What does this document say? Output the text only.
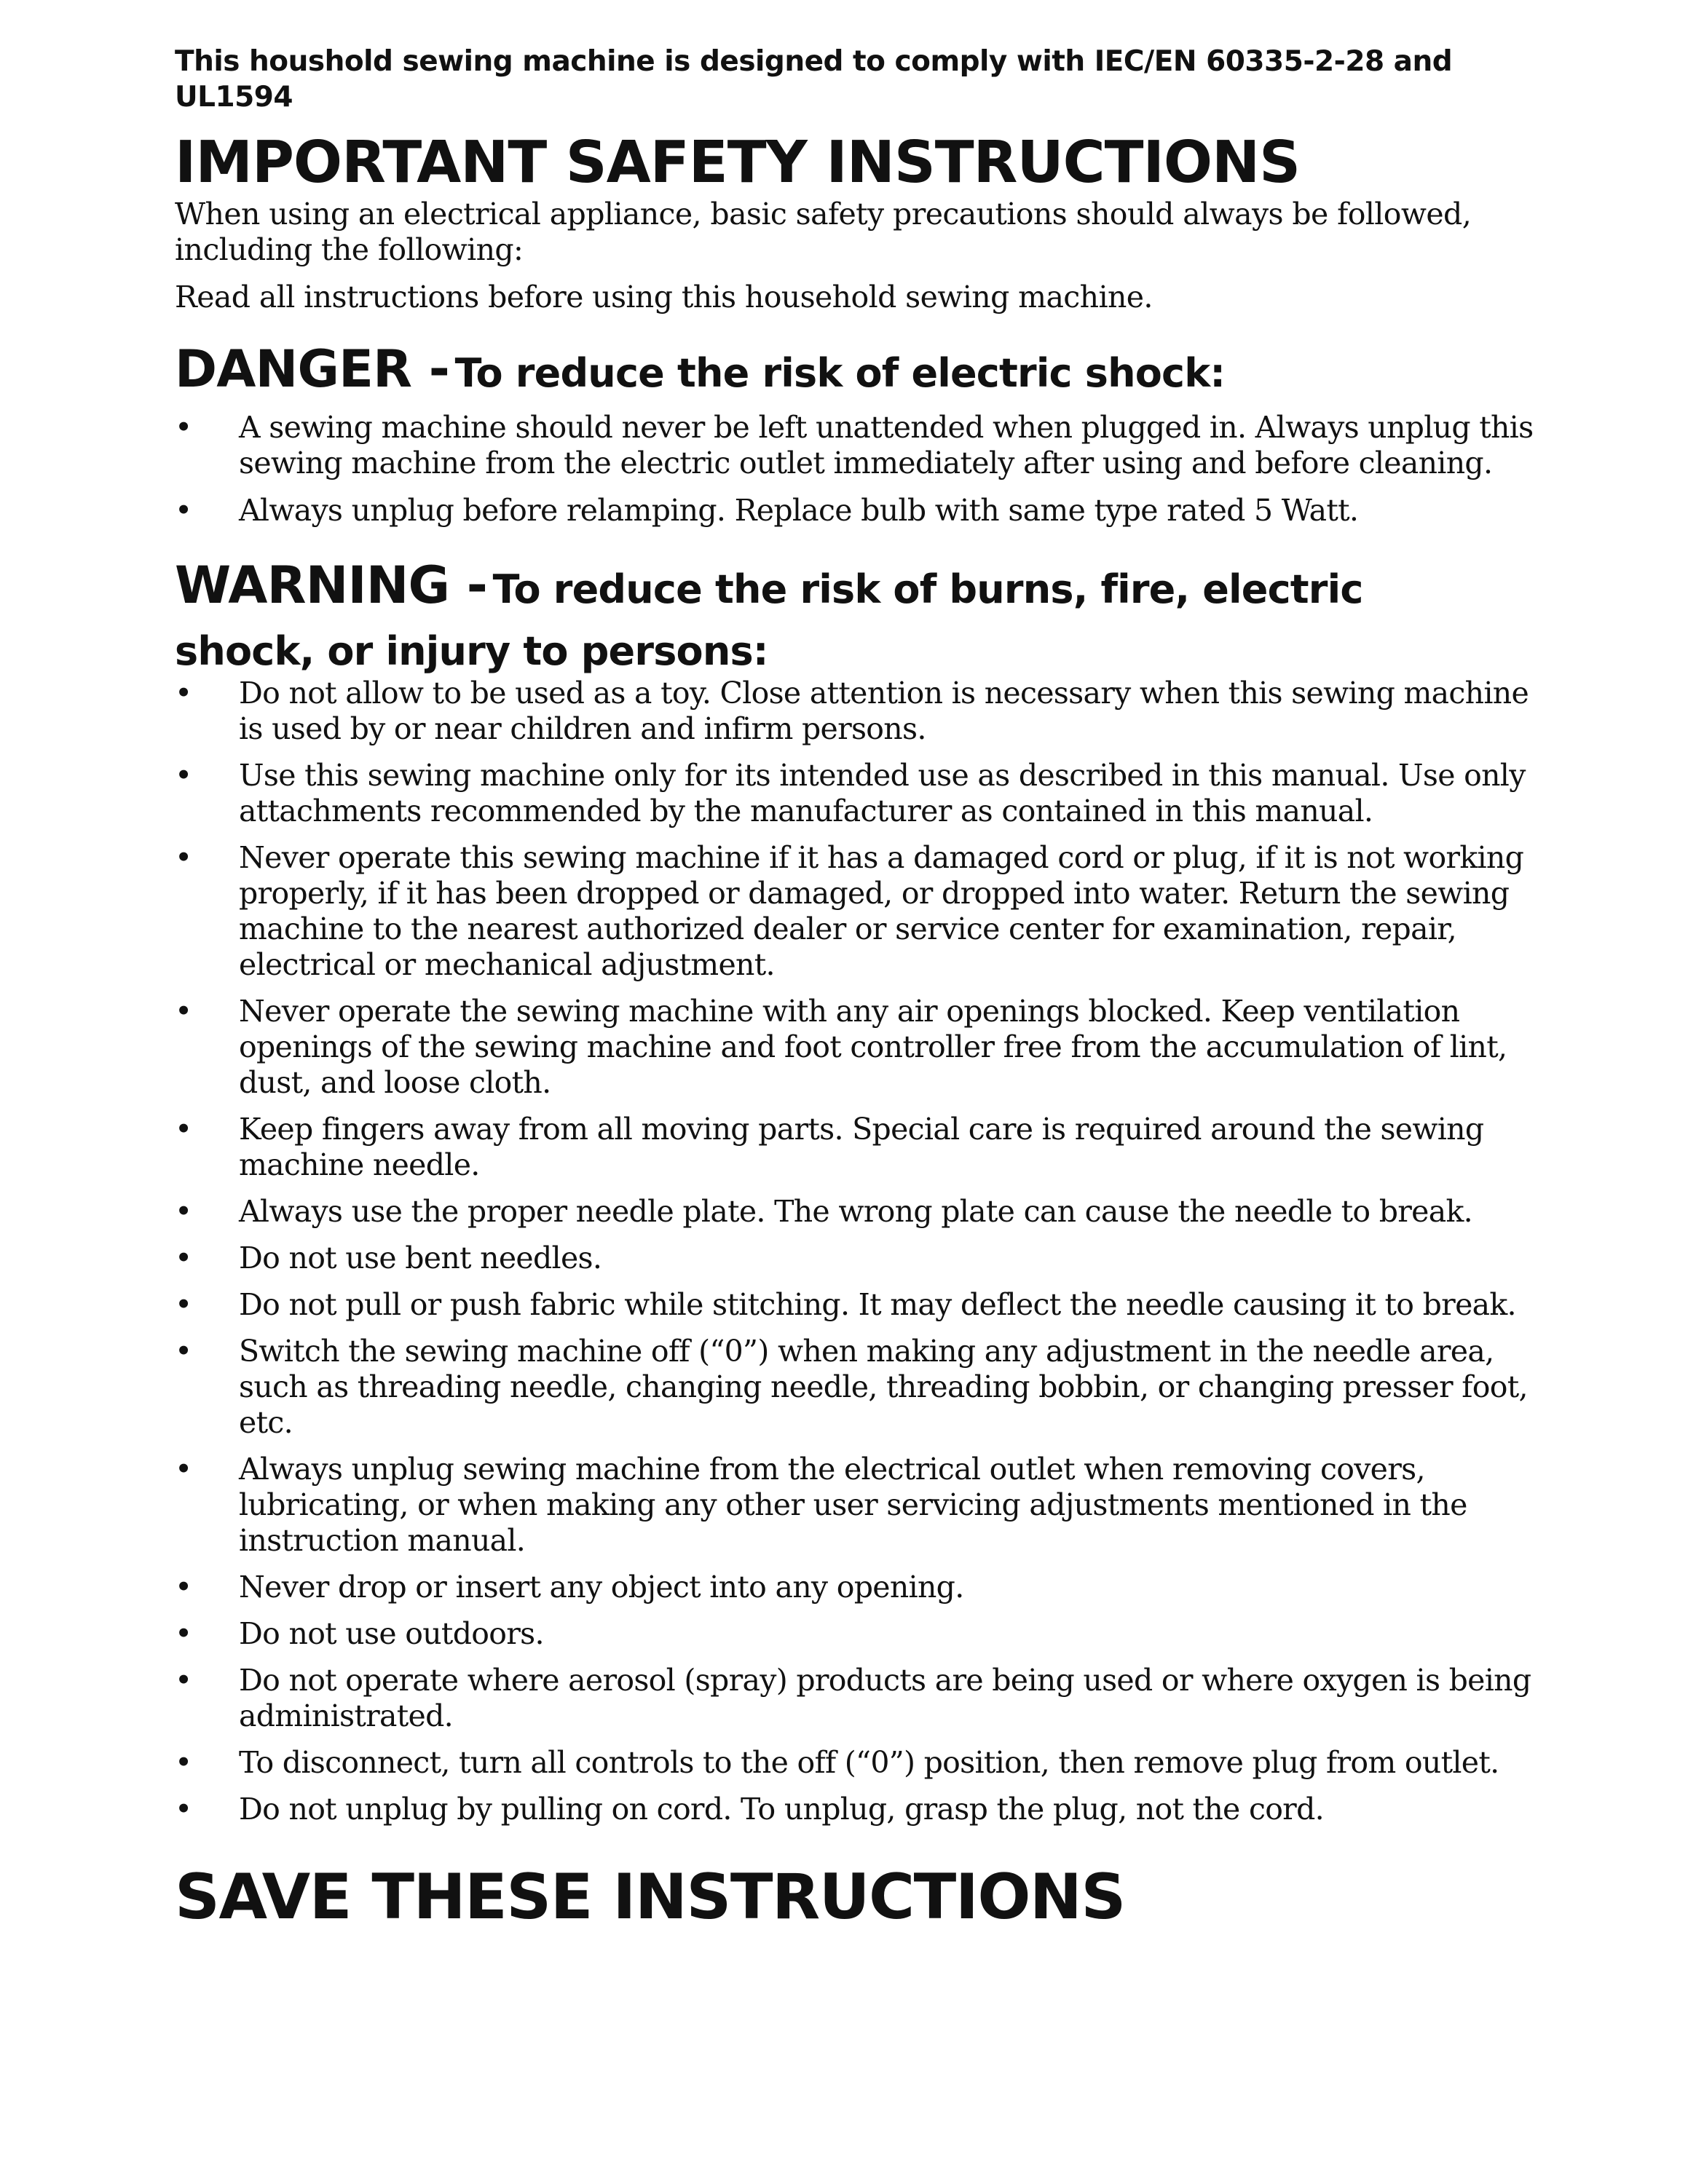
This houshold sewing machine is designed to comply with IEC/EN 60335-2-28 and UL1594

IMPORTANT SAFETY INSTRUCTIONS

When using an electrical appliance, basic safety precautions should always be followed, including the following:

Read all instructions before using this household sewing machine.

DANGER - To reduce the risk of electric shock:
• A sewing machine should never be left unattended when plugged in. Always unplug this sewing machine from the electric outlet immediately after using and before cleaning.
• Always unplug before relamping. Replace bulb with same type rated 5 Watt.
WARNING - To reduce the risk of burns, fire, electric
shock, or injury to persons:
• Do not allow to be used as a toy. Close attention is necessary when this sewing machine is used by or near children and infirm persons.
• Use this sewing machine only for its intended use as described in this manual. Use only attachments recommended by the manufacturer as contained in this manual.
• Never operate this sewing machine if it has a damaged cord or plug, if it is not working properly, if it has been dropped or damaged, or dropped into water. Return the sewing machine to the nearest authorized dealer or service center for examination, repair, electrical or mechanical adjustment.
• Never operate the sewing machine with any air openings blocked. Keep ventilation openings of the sewing machine and foot controller free from the accumulation of lint, dust, and loose cloth.
• Keep fingers away from all moving parts. Special care is required around the sewing machine needle.
• Always use the proper needle plate. The wrong plate can cause the needle to break.
• Do not use bent needles.
• Do not pull or push fabric while stitching. It may deflect the needle causing it to break.
• Switch the sewing machine off (“0”) when making any adjustment in the needle area, such as threading needle, changing needle, threading bobbin, or changing presser foot, etc.
• Always unplug sewing machine from the electrical outlet when removing covers, lubricating, or when making any other user servicing adjustments mentioned in the instruction manual.
• Never drop or insert any object into any opening.
• Do not use outdoors.
• Do not operate where aerosol (spray) products are being used or where oxygen is being administrated.
• To disconnect, turn all controls to the off (“0”) position, then remove plug from outlet.
• Do not unplug by pulling on cord. To unplug, grasp the plug, not the cord.
SAVE THESE INSTRUCTIONS
